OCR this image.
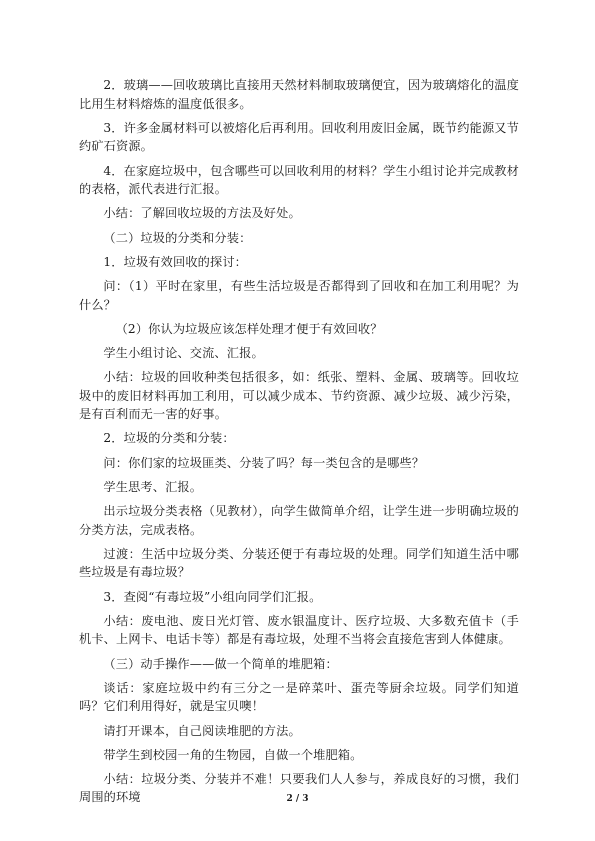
2．玻璃——回收玻璃比直接用天然材料制取玻璃便宜，因为玻璃熔化的温度比用生材料熔炼的温度低很多。

3．许多金属材料可以被熔化后再利用。回收利用废旧金属，既节约能源又节约矿石资源。

4．在家庭垃圾中，包含哪些可以回收利用的材料？学生小组讨论并完成教材的表格，派代表进行汇报。

小结：了解回收垃圾的方法及好处。

（二）垃圾的分类和分装：

1．垃圾有效回收的探讨：

问：（1）平时在家里，有些生活垃圾是否都得到了回收和在加工利用呢？为什么？

（2）你认为垃圾应该怎样处理才便于有效回收？

学生小组讨论、交流、汇报。

小结：垃圾的回收种类包括很多，如：纸张、塑料、金属、玻璃等。回收垃圾中的废旧材料再加工利用，可以减少成本、节约资源、减少垃圾、减少污染，是有百利而无一害的好事。

2．垃圾的分类和分装：

问：你们家的垃圾匪类、分装了吗？每一类包含的是哪些？

学生思考、汇报。

出示垃圾分类表格（见教材），向学生做简单介绍，让学生进一步明确垃圾的分类方法，完成表格。

过渡：生活中垃圾分类、分装还便于有毒垃圾的处理。同学们知道生活中哪些垃圾是有毒垃圾？

3．查阅“有毒垃圾”小组向同学们汇报。

小结：废电池、废日光灯管、废水银温度计、医疗垃圾、大多数充值卡（手机卡、上网卡、电话卡等）都是有毒垃圾，处理不当将会直接危害到人体健康。

（三）动手操作——做一个简单的堆肥箱：

谈话：家庭垃圾中约有三分之一是碎菜叶、蛋壳等厨余垃圾。同学们知道吗？它们利用得好，就是宝贝噢！

请打开课本，自己阅读堆肥的方法。

带学生到校园一角的生物园，自做一个堆肥箱。

小结：垃圾分类、分装并不难！只要我们人人参与，养成良好的习惯，我们周围的环境	2 / 3
